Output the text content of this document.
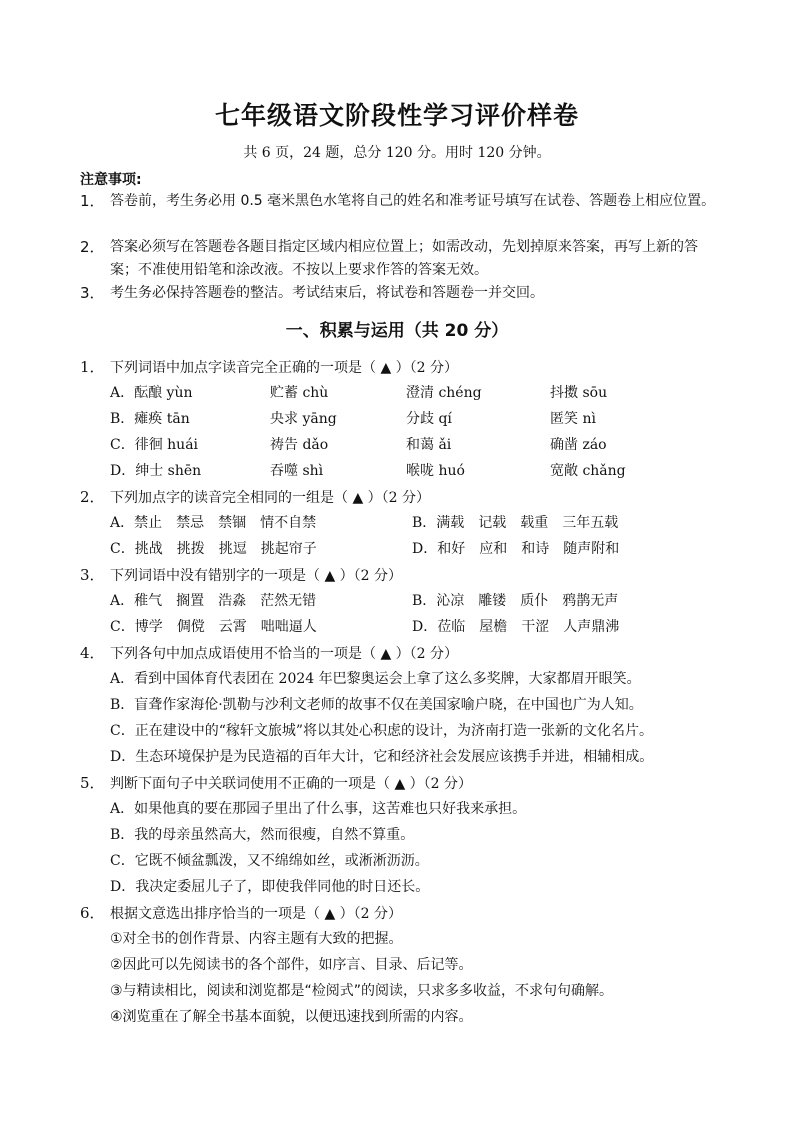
七年级语文阶段性学习评价样卷
共 6 页，24 题，总分 120 分。用时 120 分钟。
注意事项:
1． 答卷前，考生务必用 0.5 毫米黑色水笔将自己的姓名和准考证号填写在试卷、答题卷上相应位置。
2． 答案必须写在答题卷各题目指定区域内相应位置上；如需改动，先划掉原来答案，再写上新的答案；不准使用铅笔和涂改液。不按以上要求作答的答案无效。
3． 考生务必保持答题卷的整洁。考试结束后，将试卷和答题卷一并交回。
一、积累与运用（共 20 分）
1． 下列词语中加点字读音完全正确的一项是（ ▲ ）（2 分）
A．酝酿 yùn	贮蓄 chù	澄清 chéng	抖擞 sōu
B．瘫痪 tān	央求 yāng	分歧 qí	匿笑 nì
C．徘徊 huái	祷告 dǎo	和蔼 ǎi	确凿 záo
D．绅士 shēn	吞噬 shì	喉咙 huó	宽敞 chǎng
2． 下列加点字的读音完全相同的一组是（ ▲ ）（2 分）
A．禁止　禁忌　禁锢　情不自禁	B．满载　记载　载重　三年五载
C．挑战　挑拨　挑逗　挑起帘子	D．和好　应和　和诗　随声附和
3． 下列词语中没有错别字的一项是（ ▲ ）（2 分）
A．稚气　搁置　浩淼　茫然无错	B．沁凉　雕镂　质仆　鸦鹊无声
C．博学　倜傥　云霄　咄咄逼人	D．莅临　屋檐　干涩　人声鼎沸
4． 下列各句中加点成语使用不恰当的一项是（ ▲ ）（2 分）
A．看到中国体育代表团在 2024 年巴黎奥运会上拿了这么多奖牌，大家都眉开眼笑。
B．盲聋作家海伦·凯勒与沙利文老师的故事不仅在美国家喻户晓，在中国也广为人知。
C．正在建设中的“稼轩文旅城”将以其处心积虑的设计，为济南打造一张新的文化名片。
D．生态环境保护是为民造福的百年大计，它和经济社会发展应该携手并进，相辅相成。
5． 判断下面句子中关联词使用不正确的一项是（ ▲ ）（2 分）
A．如果他真的要在那园子里出了什么事，这苦难也只好我来承担。
B．我的母亲虽然高大，然而很瘦，自然不算重。
C．它既不倾盆瓢泼，又不绵绵如丝，或淅淅沥沥。
D．我决定委屈儿子了，即使我伴同他的时日还长。
6． 根据文意选出排序恰当的一项是（ ▲ ）（2 分）
①对全书的创作背景、内容主题有大致的把握。
②因此可以先阅读书的各个部件，如序言、目录、后记等。
③与精读相比，阅读和浏览都是“检阅式”的阅读，只求多多收益，不求句句确解。
④浏览重在了解全书基本面貌，以便迅速找到所需的内容。
